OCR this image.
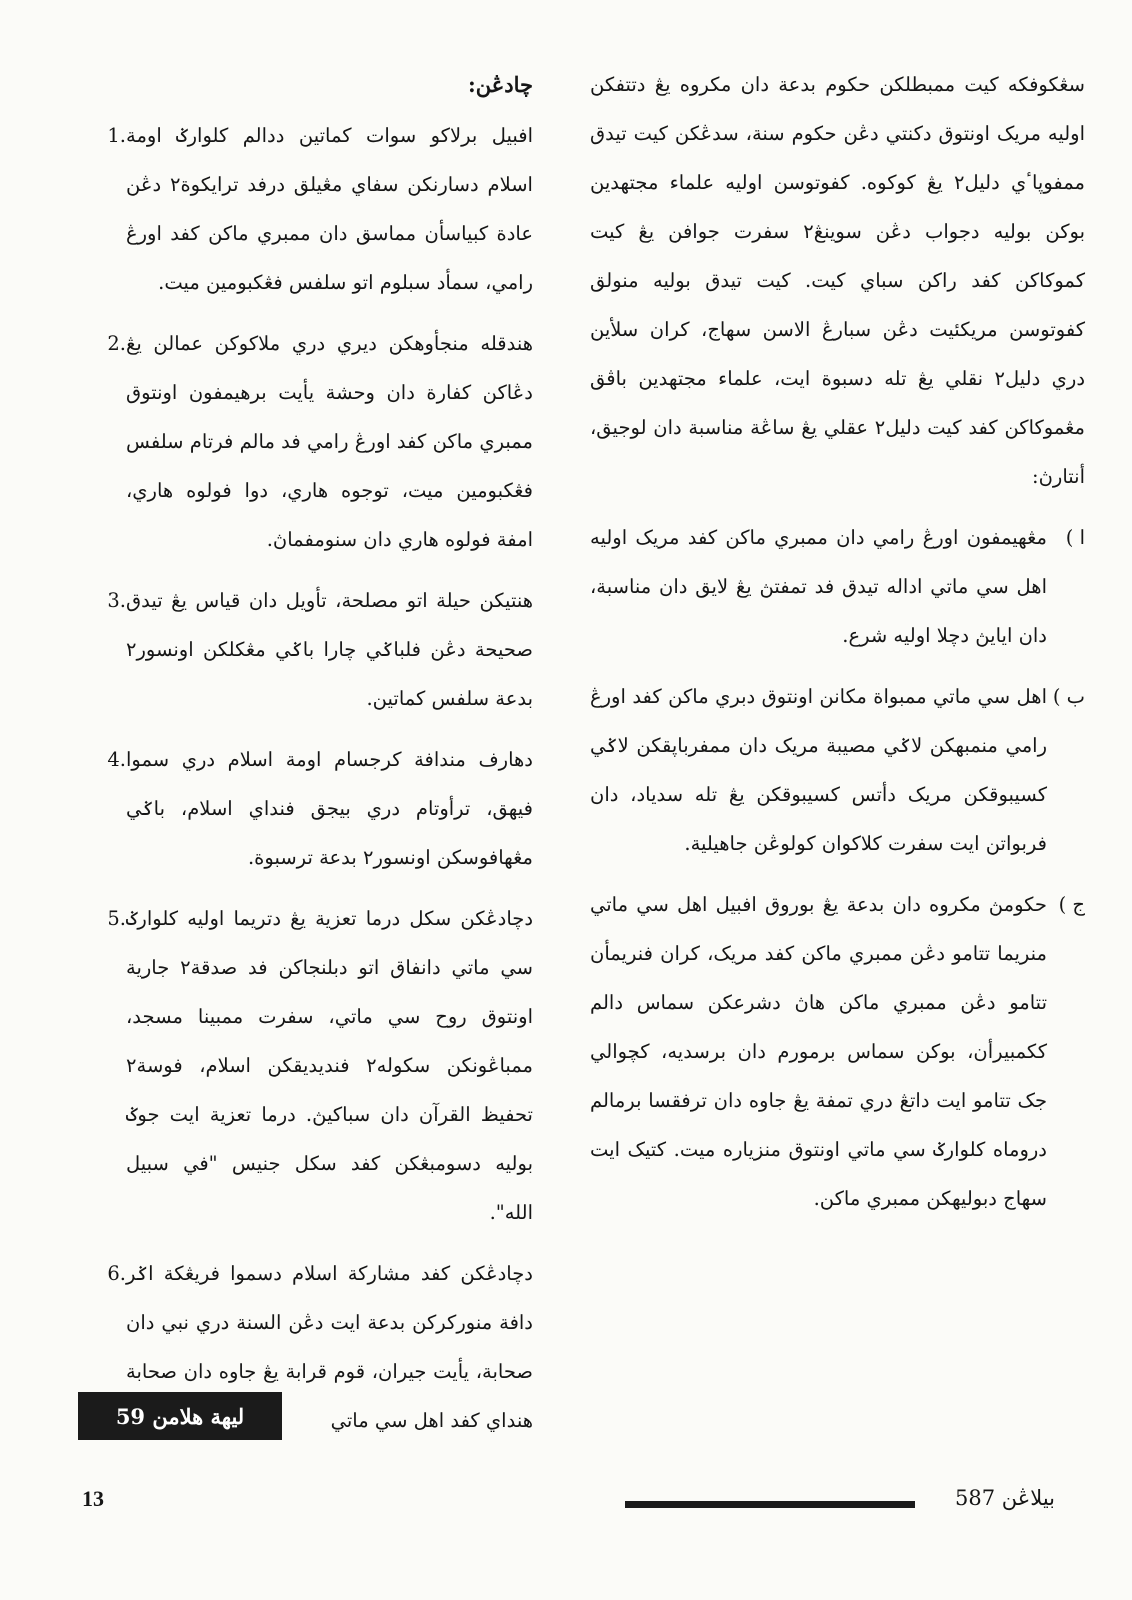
سڠکوفکه کيت ممبطلکن حکوم بدعة دان مکروه يڠ دتتفکن اوليه مريک اونتوق دکنتي دڠن حکوم سنة، سدڠکن کيت تيدق ممفوڽاٴي دليل٢ يڠ کوکوه. کفوتوسن اوليه علماء مجتهدين بوکن بوليه دجواب دڠن سوينڠ٢ سفرت جوافن يڠ کيت کموکاکن کفد راکن سباي کيت. کيت تيدق بوليه منولق کفوتوسن مريکئيت دڠن سبارڠ الاسن سهاج، کران سلأين دري دليل٢ نقلي يڠ تله دسبوة ايت، علماء مجتهدين باڤق مڠموکاکن کفد کيت دليل٢ عقلي يڠ ساڠة مناسبة دان لوجيق، أنتارڽ:

ا )

مڠهيمفون اورڠ رامي دان ممبري ماکن کفد مريک اوليه اهل سي ماتي اداله تيدق فد تمفتڽ يڠ لايق دان مناسبة، دان ايايڽ دچلا اوليه شرع.

ب )

اهل سي ماتي ممبواة مکانن اونتوق دبري ماکن کفد اورڠ رامي منمبهکن لاݢي مصيبة مريک دان ممفرباڽقکن لاݢي کسيبوقکن مريک دأتس کسيبوقکن يڠ تله سدياد، دان فربواتن ايت سفرت کلاکوان کولوڠن جاهيلية.

ج )

حکومڽ مکروه دان بدعة يڠ بوروق افبيل اهل سي ماتي منريما تتامو دڠن ممبري ماکن کفد مريک، کران فنريمأن تتامو دڠن ممبري ماکن هاڽ دشرعکن سماس دالم ککمبيرأن، بوکن سماس برمورم دان برسديه، کچوالي جک تتامو ايت داتڠ دري تمفة يڠ جاوه دان ترفقسا برمالم دروماه کلوارݢ سي ماتي اونتوق منزياره ميت. کتيک ايت سهاج دبوليهکن ممبري ماکن.

چادڠن:

افبيل برلاکو سوات کماتين ددالم کلوارݢ اومة اسلام دسارنکن سفاي مڠيلق درفد ترايکوة٢ دڠن عادة کبياسأن مماسق دان ممبري ماکن کفد اورڠ رامي، سمأد سبلوم اتو سلفس فڠکبومين ميت.

1.

هندقله منجأوهکن ديري دري ملاکوکن عمالن يڠ دڠاکن کفارة دان وحشة يأيت برهيمفون اونتوق ممبري ماکن کفد اورڠ رامي فد مالم فرتام سلفس فڠکبومين ميت، توجوه هاري، دوا فولوه هاري، امفة فولوه هاري دان سنومفماڽ.

2.

هنتيکن حيلة اتو مصلحة، تأويل دان قياس يڠ تيدق صحيحة دڠن فلباݢي چارا باݢي مڠکلکن اونسور٢ بدعة سلفس کماتين.

3.

دهارف مندافة کرجسام اومة اسلام دري سموا فيهق، ترأوتام دري بيجق فنداي اسلام، باݢي مڠهافوسکن اونسور٢ بدعة ترسبوة.

4.

دچادڠکن سکل درما تعزية يڠ دتريما اوليه کلوارݢ سي ماتي دانفاق اتو دبلنجاکن فد صدقة٢ جارية اونتوق روح سي ماتي، سفرت ممبينا مسجد، ممباڠونکن سکوله٢ فنديديقکن اسلام، فوسة٢ تحفيظ القرآن دان سباکيڽ. درما تعزية ايت جوݢ بوليه دسومبڠکن کفد سکل جنيس "في سبيل الله".

5.

دچادڠکن کفد مشارکة اسلام دسموا فريڠکة اݢر دافة منورکرکن بدعة ايت دڠن السنة دري نبي دان صحابة، يأيت جيران، قوم قرابة يڠ جاوه دان صحابة هنداي کفد اهل سي ماتي

6.
ليهة هلامن 59
13	بيلاڠن 587
